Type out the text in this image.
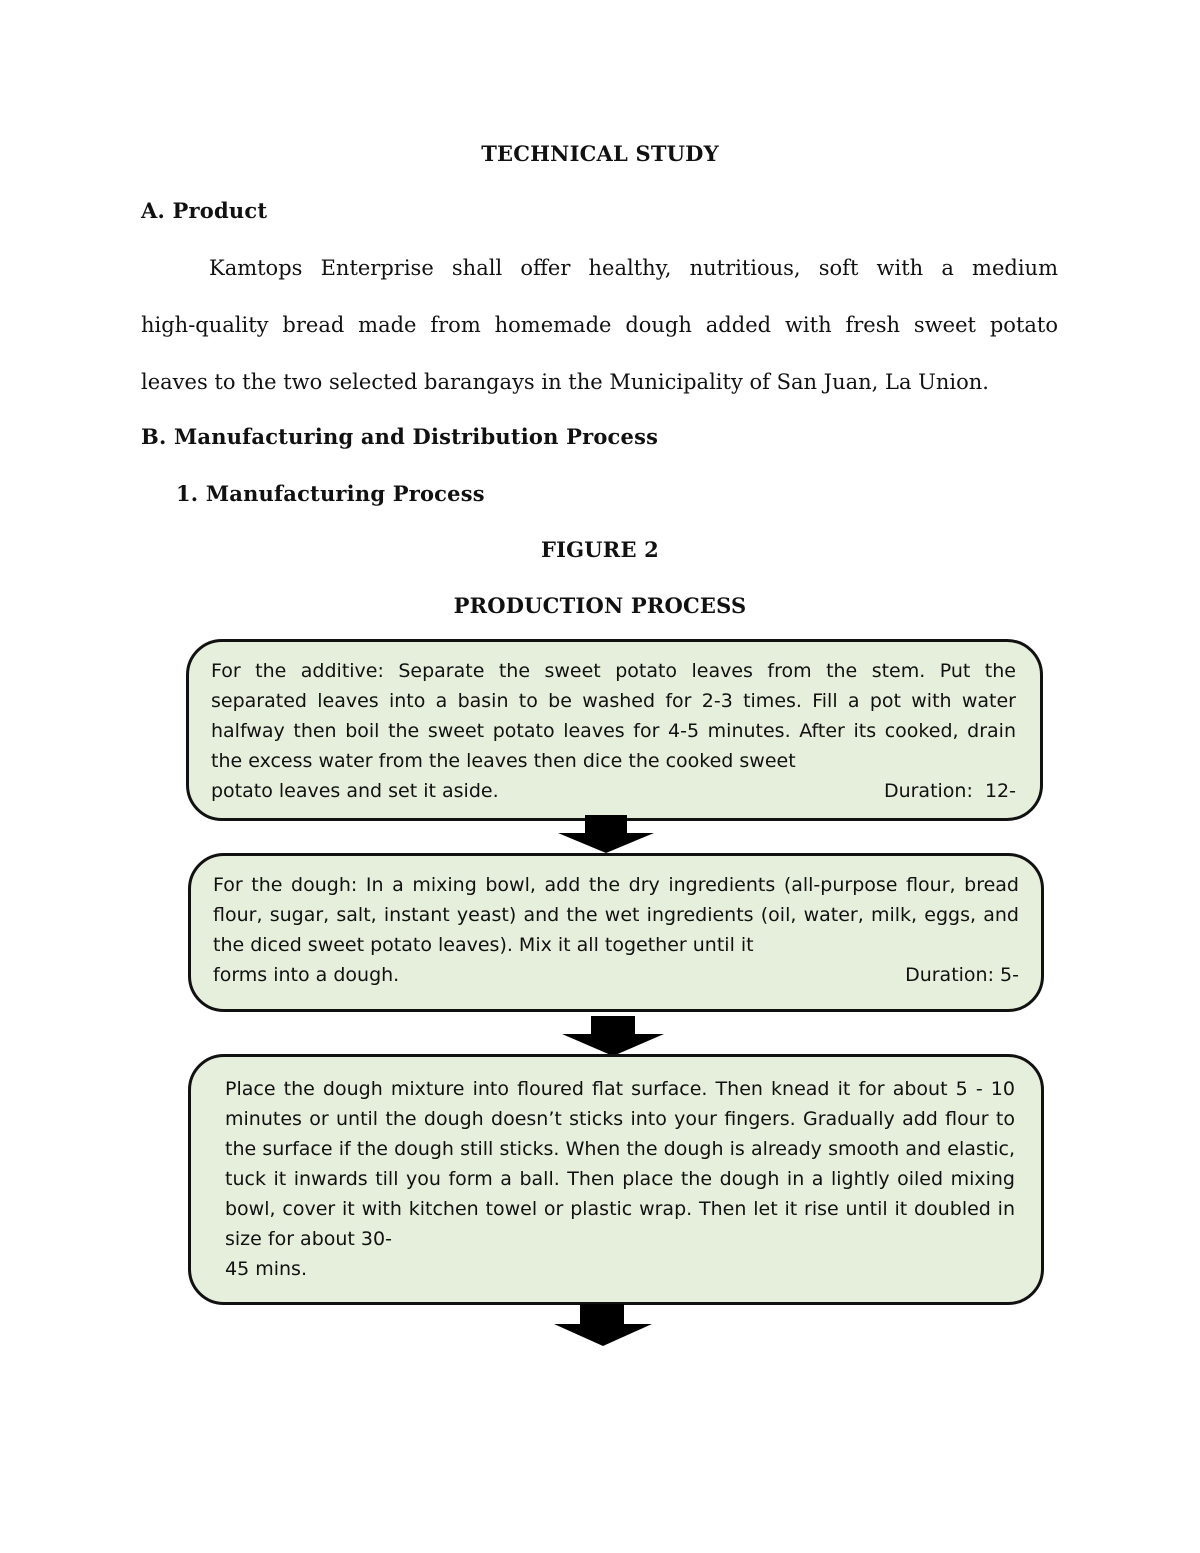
TECHNICAL STUDY
A. Product
Kamtops Enterprise shall offer healthy, nutritious, soft with a medium
high-quality bread made from homemade dough added with fresh sweet potato
leaves to the two selected barangays in the Municipality of San Juan, La Union.
B. Manufacturing and Distribution Process
1. Manufacturing Process
FIGURE 2
PRODUCTION PROCESS
For the additive: Separate the sweet potato leaves from the stem. Put the separated leaves into a basin to be washed for 2-3 times. Fill a pot with water halfway then boil the sweet potato leaves for 4-5 minutes. After its cooked, drain the excess water from the leaves then dice the cooked sweet
potato leaves and set it aside.	Duration:  12-
For the dough: In a mixing bowl, add the dry ingredients (all-purpose flour, bread flour, sugar, salt, instant yeast) and the wet ingredients (oil, water, milk, eggs, and the diced sweet potato leaves). Mix it all together until it
forms into a dough.	Duration: 5-
Place the dough mixture into floured flat surface. Then knead it for about 5 - 10 minutes or until the dough doesn’t sticks into your fingers. Gradually add flour to the surface if the dough still sticks. When the dough is already smooth and elastic, tuck it inwards till you form a ball. Then place the dough in a lightly oiled mixing bowl, cover it with kitchen towel or plastic wrap. Then let it rise until it doubled in size for about 30-
45 mins.
